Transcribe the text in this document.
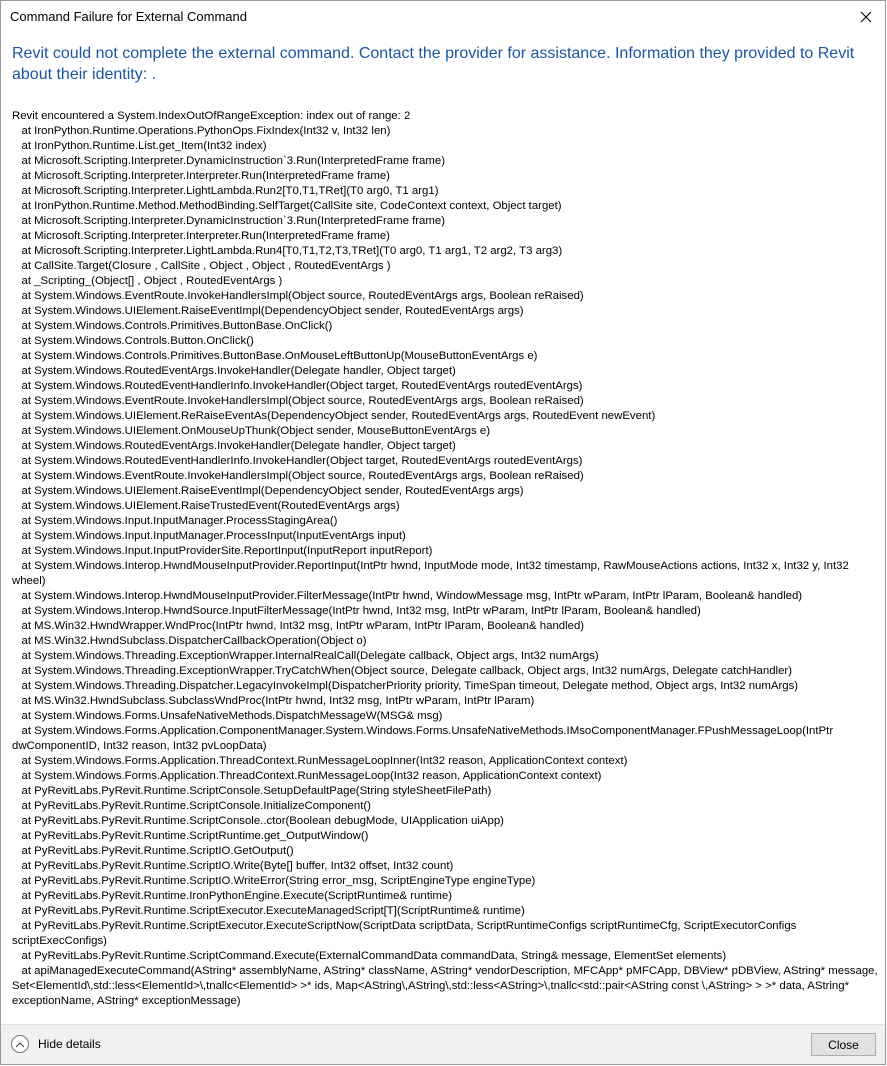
Command Failure for External Command
Revit could not complete the external command. Contact the provider for assistance. Information they provided to Revit about their identity: .
Revit encountered a System.IndexOutOfRangeException: index out of range: 2
at IronPython.Runtime.Operations.PythonOps.FixIndex(Int32 v, Int32 len)
at IronPython.Runtime.List.get_Item(Int32 index)
at Microsoft.Scripting.Interpreter.DynamicInstruction`3.Run(InterpretedFrame frame)
at Microsoft.Scripting.Interpreter.Interpreter.Run(InterpretedFrame frame)
at Microsoft.Scripting.Interpreter.LightLambda.Run2[T0,T1,TRet](T0 arg0, T1 arg1)
at IronPython.Runtime.Method.MethodBinding.SelfTarget(CallSite site, CodeContext context, Object target)
at Microsoft.Scripting.Interpreter.DynamicInstruction`3.Run(InterpretedFrame frame)
at Microsoft.Scripting.Interpreter.Interpreter.Run(InterpretedFrame frame)
at Microsoft.Scripting.Interpreter.LightLambda.Run4[T0,T1,T2,T3,TRet](T0 arg0, T1 arg1, T2 arg2, T3 arg3)
at CallSite.Target(Closure , CallSite , Object , Object , RoutedEventArgs )
at _Scripting_(Object[] , Object , RoutedEventArgs )
at System.Windows.EventRoute.InvokeHandlersImpl(Object source, RoutedEventArgs args, Boolean reRaised)
at System.Windows.UIElement.RaiseEventImpl(DependencyObject sender, RoutedEventArgs args)
at System.Windows.Controls.Primitives.ButtonBase.OnClick()
at System.Windows.Controls.Button.OnClick()
at System.Windows.Controls.Primitives.ButtonBase.OnMouseLeftButtonUp(MouseButtonEventArgs e)
at System.Windows.RoutedEventArgs.InvokeHandler(Delegate handler, Object target)
at System.Windows.RoutedEventHandlerInfo.InvokeHandler(Object target, RoutedEventArgs routedEventArgs)
at System.Windows.EventRoute.InvokeHandlersImpl(Object source, RoutedEventArgs args, Boolean reRaised)
at System.Windows.UIElement.ReRaiseEventAs(DependencyObject sender, RoutedEventArgs args, RoutedEvent newEvent)
at System.Windows.UIElement.OnMouseUpThunk(Object sender, MouseButtonEventArgs e)
at System.Windows.RoutedEventArgs.InvokeHandler(Delegate handler, Object target)
at System.Windows.RoutedEventHandlerInfo.InvokeHandler(Object target, RoutedEventArgs routedEventArgs)
at System.Windows.EventRoute.InvokeHandlersImpl(Object source, RoutedEventArgs args, Boolean reRaised)
at System.Windows.UIElement.RaiseEventImpl(DependencyObject sender, RoutedEventArgs args)
at System.Windows.UIElement.RaiseTrustedEvent(RoutedEventArgs args)
at System.Windows.Input.InputManager.ProcessStagingArea()
at System.Windows.Input.InputManager.ProcessInput(InputEventArgs input)
at System.Windows.Input.InputProviderSite.ReportInput(InputReport inputReport)
at System.Windows.Interop.HwndMouseInputProvider.ReportInput(IntPtr hwnd, InputMode mode, Int32 timestamp, RawMouseActions actions, Int32 x, Int32 y, Int32 wheel)
at System.Windows.Interop.HwndMouseInputProvider.FilterMessage(IntPtr hwnd, WindowMessage msg, IntPtr wParam, IntPtr lParam, Boolean& handled)
at System.Windows.Interop.HwndSource.InputFilterMessage(IntPtr hwnd, Int32 msg, IntPtr wParam, IntPtr lParam, Boolean& handled)
at MS.Win32.HwndWrapper.WndProc(IntPtr hwnd, Int32 msg, IntPtr wParam, IntPtr lParam, Boolean& handled)
at MS.Win32.HwndSubclass.DispatcherCallbackOperation(Object o)
at System.Windows.Threading.ExceptionWrapper.InternalRealCall(Delegate callback, Object args, Int32 numArgs)
at System.Windows.Threading.ExceptionWrapper.TryCatchWhen(Object source, Delegate callback, Object args, Int32 numArgs, Delegate catchHandler)
at System.Windows.Threading.Dispatcher.LegacyInvokeImpl(DispatcherPriority priority, TimeSpan timeout, Delegate method, Object args, Int32 numArgs)
at MS.Win32.HwndSubclass.SubclassWndProc(IntPtr hwnd, Int32 msg, IntPtr wParam, IntPtr lParam)
at System.Windows.Forms.UnsafeNativeMethods.DispatchMessageW(MSG& msg)
at System.Windows.Forms.Application.ComponentManager.System.Windows.Forms.UnsafeNativeMethods.IMsoComponentManager.FPushMessageLoop(IntPtr dwComponentID, Int32 reason, Int32 pvLoopData)
at System.Windows.Forms.Application.ThreadContext.RunMessageLoopInner(Int32 reason, ApplicationContext context)
at System.Windows.Forms.Application.ThreadContext.RunMessageLoop(Int32 reason, ApplicationContext context)
at PyRevitLabs.PyRevit.Runtime.ScriptConsole.SetupDefaultPage(String styleSheetFilePath)
at PyRevitLabs.PyRevit.Runtime.ScriptConsole.InitializeComponent()
at PyRevitLabs.PyRevit.Runtime.ScriptConsole..ctor(Boolean debugMode, UIApplication uiApp)
at PyRevitLabs.PyRevit.Runtime.ScriptRuntime.get_OutputWindow()
at PyRevitLabs.PyRevit.Runtime.ScriptIO.GetOutput()
at PyRevitLabs.PyRevit.Runtime.ScriptIO.Write(Byte[] buffer, Int32 offset, Int32 count)
at PyRevitLabs.PyRevit.Runtime.ScriptIO.WriteError(String error_msg, ScriptEngineType engineType)
at PyRevitLabs.PyRevit.Runtime.IronPythonEngine.Execute(ScriptRuntime& runtime)
at PyRevitLabs.PyRevit.Runtime.ScriptExecutor.ExecuteManagedScript[T](ScriptRuntime& runtime)
at PyRevitLabs.PyRevit.Runtime.ScriptExecutor.ExecuteScriptNow(ScriptData scriptData, ScriptRuntimeConfigs scriptRuntimeCfg, ScriptExecutorConfigs scriptExecConfigs)
at PyRevitLabs.PyRevit.Runtime.ScriptCommand.Execute(ExternalCommandData commandData, String& message, ElementSet elements)
at apiManagedExecuteCommand(AString* assemblyName, AString* className, AString* vendorDescription, MFCApp* pMFCApp, DBView* pDBView, AString* message, Set<ElementId\,std::less<ElementId>\,tnallc<ElementId> >* ids, Map<AString\,AString\,std::less<AString>\,tnallc<std::pair<AString const \,AString> > >* data, AString* exceptionName, AString* exceptionMessage)
Hide details	Close
